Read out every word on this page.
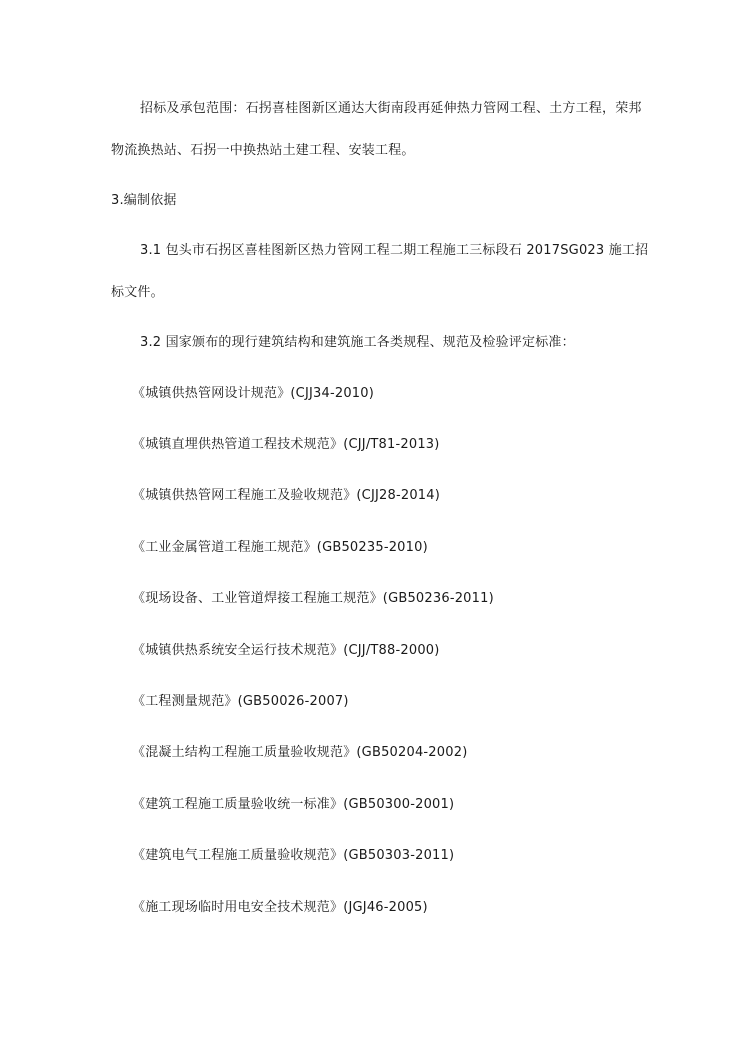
招标及承包范围：石拐喜桂图新区通达大街南段再延伸热力管网工程、土方工程，荣邦
物流换热站、石拐一中换热站土建工程、安装工程。
3.编制依据
3.1 包头市石拐区喜桂图新区热力管网工程二期工程施工三标段石 2017SG023 施工招
标文件。
3.2 国家颁布的现行建筑结构和建筑施工各类规程、规范及检验评定标准：
《城镇供热管网设计规范》(CJJ34-2010)
《城镇直埋供热管道工程技术规范》(CJJ/T81-2013)
《城镇供热管网工程施工及验收规范》(CJJ28-2014)
《工业金属管道工程施工规范》(GB50235-2010)
《现场设备、工业管道焊接工程施工规范》(GB50236-2011)
《城镇供热系统安全运行技术规范》(CJJ/T88-2000)
《工程测量规范》(GB50026-2007)
《混凝土结构工程施工质量验收规范》(GB50204-2002)
《建筑工程施工质量验收统一标准》(GB50300-2001)
《建筑电气工程施工质量验收规范》(GB50303-2011)
《施工现场临时用电安全技术规范》(JGJ46-2005)
